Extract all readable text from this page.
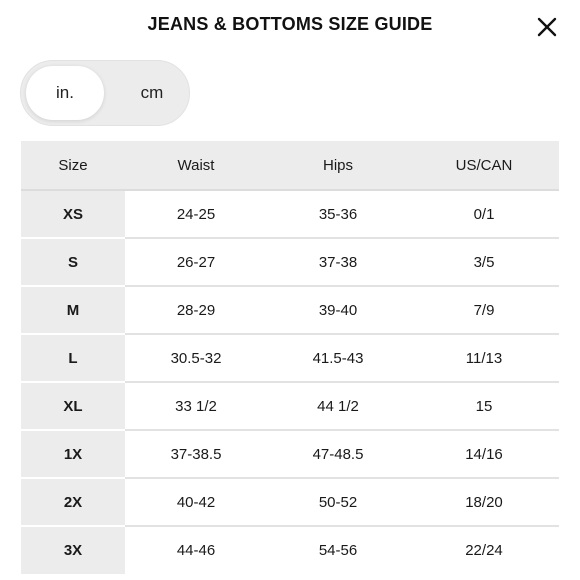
JEANS & BOTTOMS SIZE GUIDE
in.	cm
Size	Waist	Hips	US/CAN
XS	24-25	35-36	0/1
S	26-27	37-38	3/5
M	28-29	39-40	7/9
L	30.5-32	41.5-43	11/13
XL	33 1/2	44 1/2	15
1X	37-38.5	47-48.5	14/16
2X	40-42	50-52	18/20
3X	44-46	54-56	22/24
